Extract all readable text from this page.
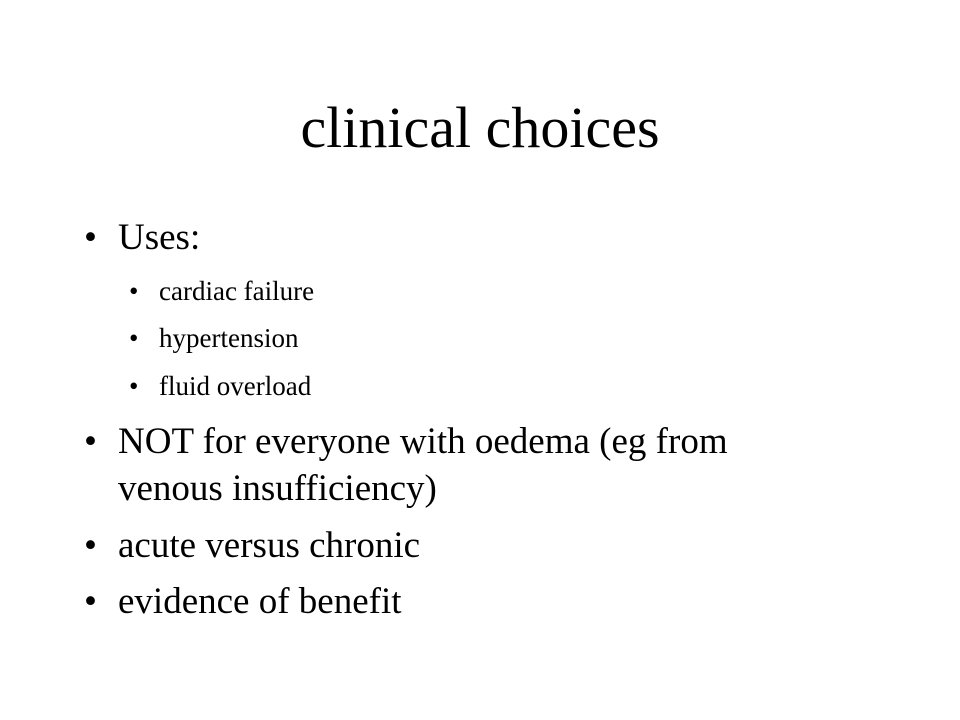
clinical choices
• Uses:
• cardiac failure
• hypertension
• fluid overload
• NOT for everyone with oedema (eg from
venous insufficiency)
• acute versus chronic
• evidence of benefit
